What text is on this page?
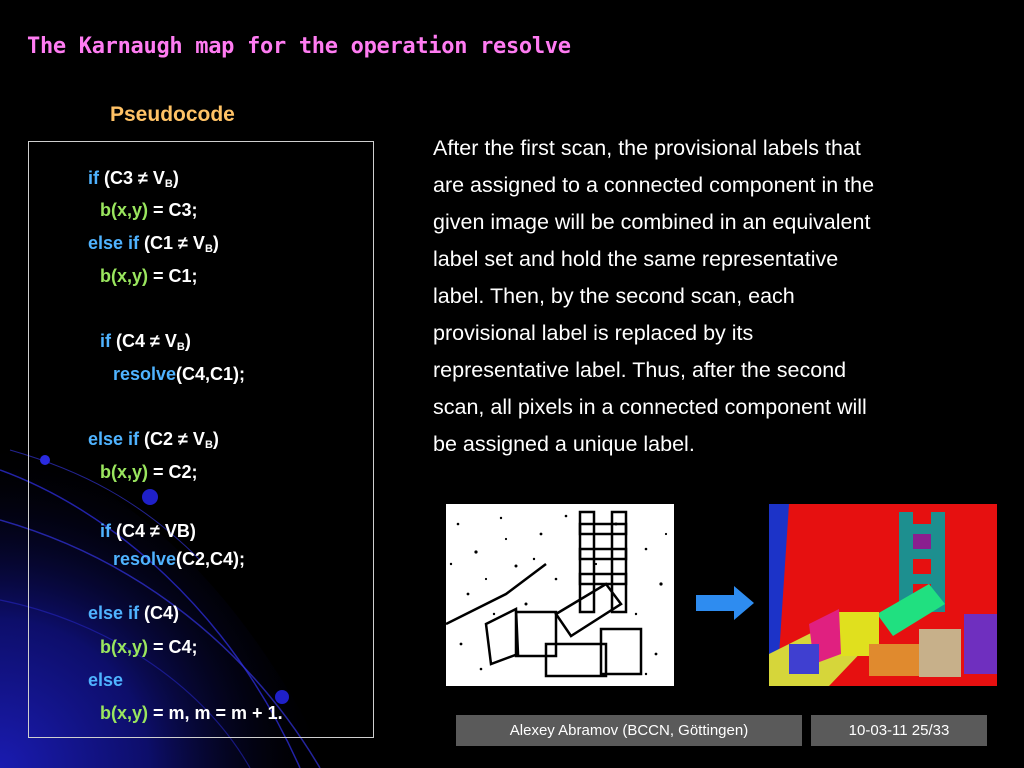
The Karnaugh map for the operation resolve
Pseudocode
if $(C3 \ne V_B)$
b(x,y) = C3;
else if $(C1 \ne V_B)$
b(x,y) = C1;
if $(C4 \ne V_B)$
resolve(C4,C1);
else if $(C2 \ne V_B)$
b(x,y) = C2;
if (C4 ≠ VB)
resolve(C2,C4);
else if (C4)
b(x,y) = C4;
else
b(x,y) = m, m = m + 1.
After the first scan, the provisional labels that
are assigned to a connected component in the
given image will be combined in an equivalent
label set and hold the same representative
label. Then, by the second scan, each
provisional label is replaced by its
representative label. Thus, after the second
scan, all pixels in a connected component will
be assigned a unique label.
Alexey Abramov (BCCN, Göttingen)	10-03-11 25/33
